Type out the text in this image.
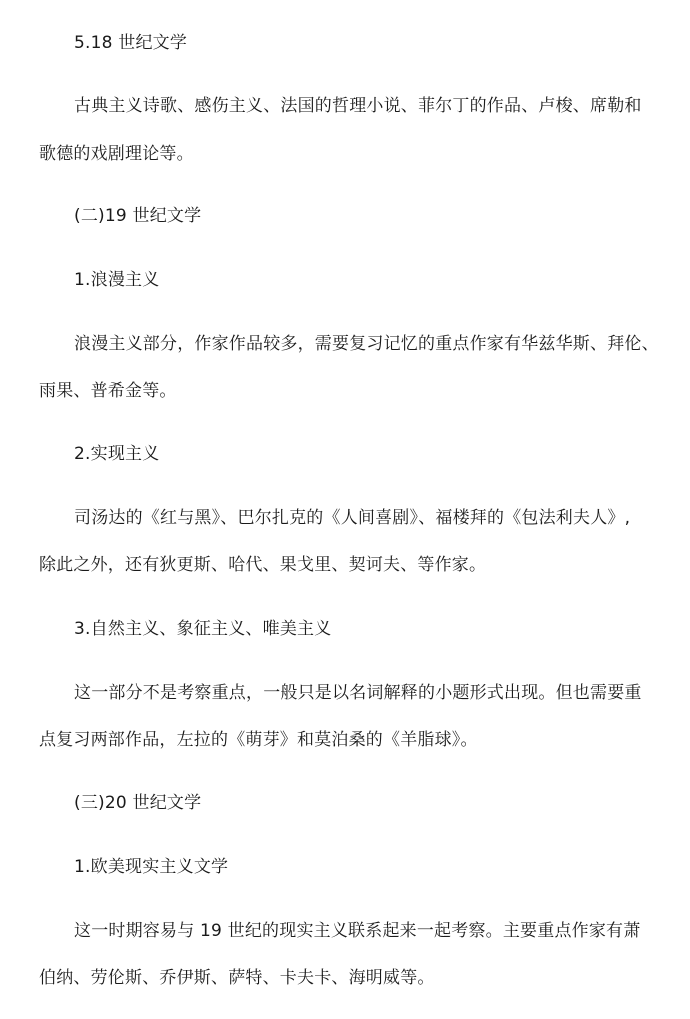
5.18 世纪文学
古典主义诗歌、感伤主义、法国的哲理小说、菲尔丁的作品、卢梭、席勒和
歌德的戏剧理论等。
(二)19 世纪文学
1.浪漫主义
浪漫主义部分，作家作品较多，需要复习记忆的重点作家有华兹华斯、拜伦、
雨果、普希金等。
2.实现主义
司汤达的《红与黑》、巴尔扎克的《人间喜剧》、福楼拜的《包法利夫人》,
除此之外，还有狄更斯、哈代、果戈里、契诃夫、等作家。
3.自然主义、象征主义、唯美主义
这一部分不是考察重点，一般只是以名词解释的小题形式出现。但也需要重
点复习两部作品，左拉的《萌芽》和莫泊桑的《羊脂球》。
(三)20 世纪文学
1.欧美现实主义文学
这一时期容易与 19 世纪的现实主义联系起来一起考察。主要重点作家有萧
伯纳、劳伦斯、乔伊斯、萨特、卡夫卡、海明威等。
